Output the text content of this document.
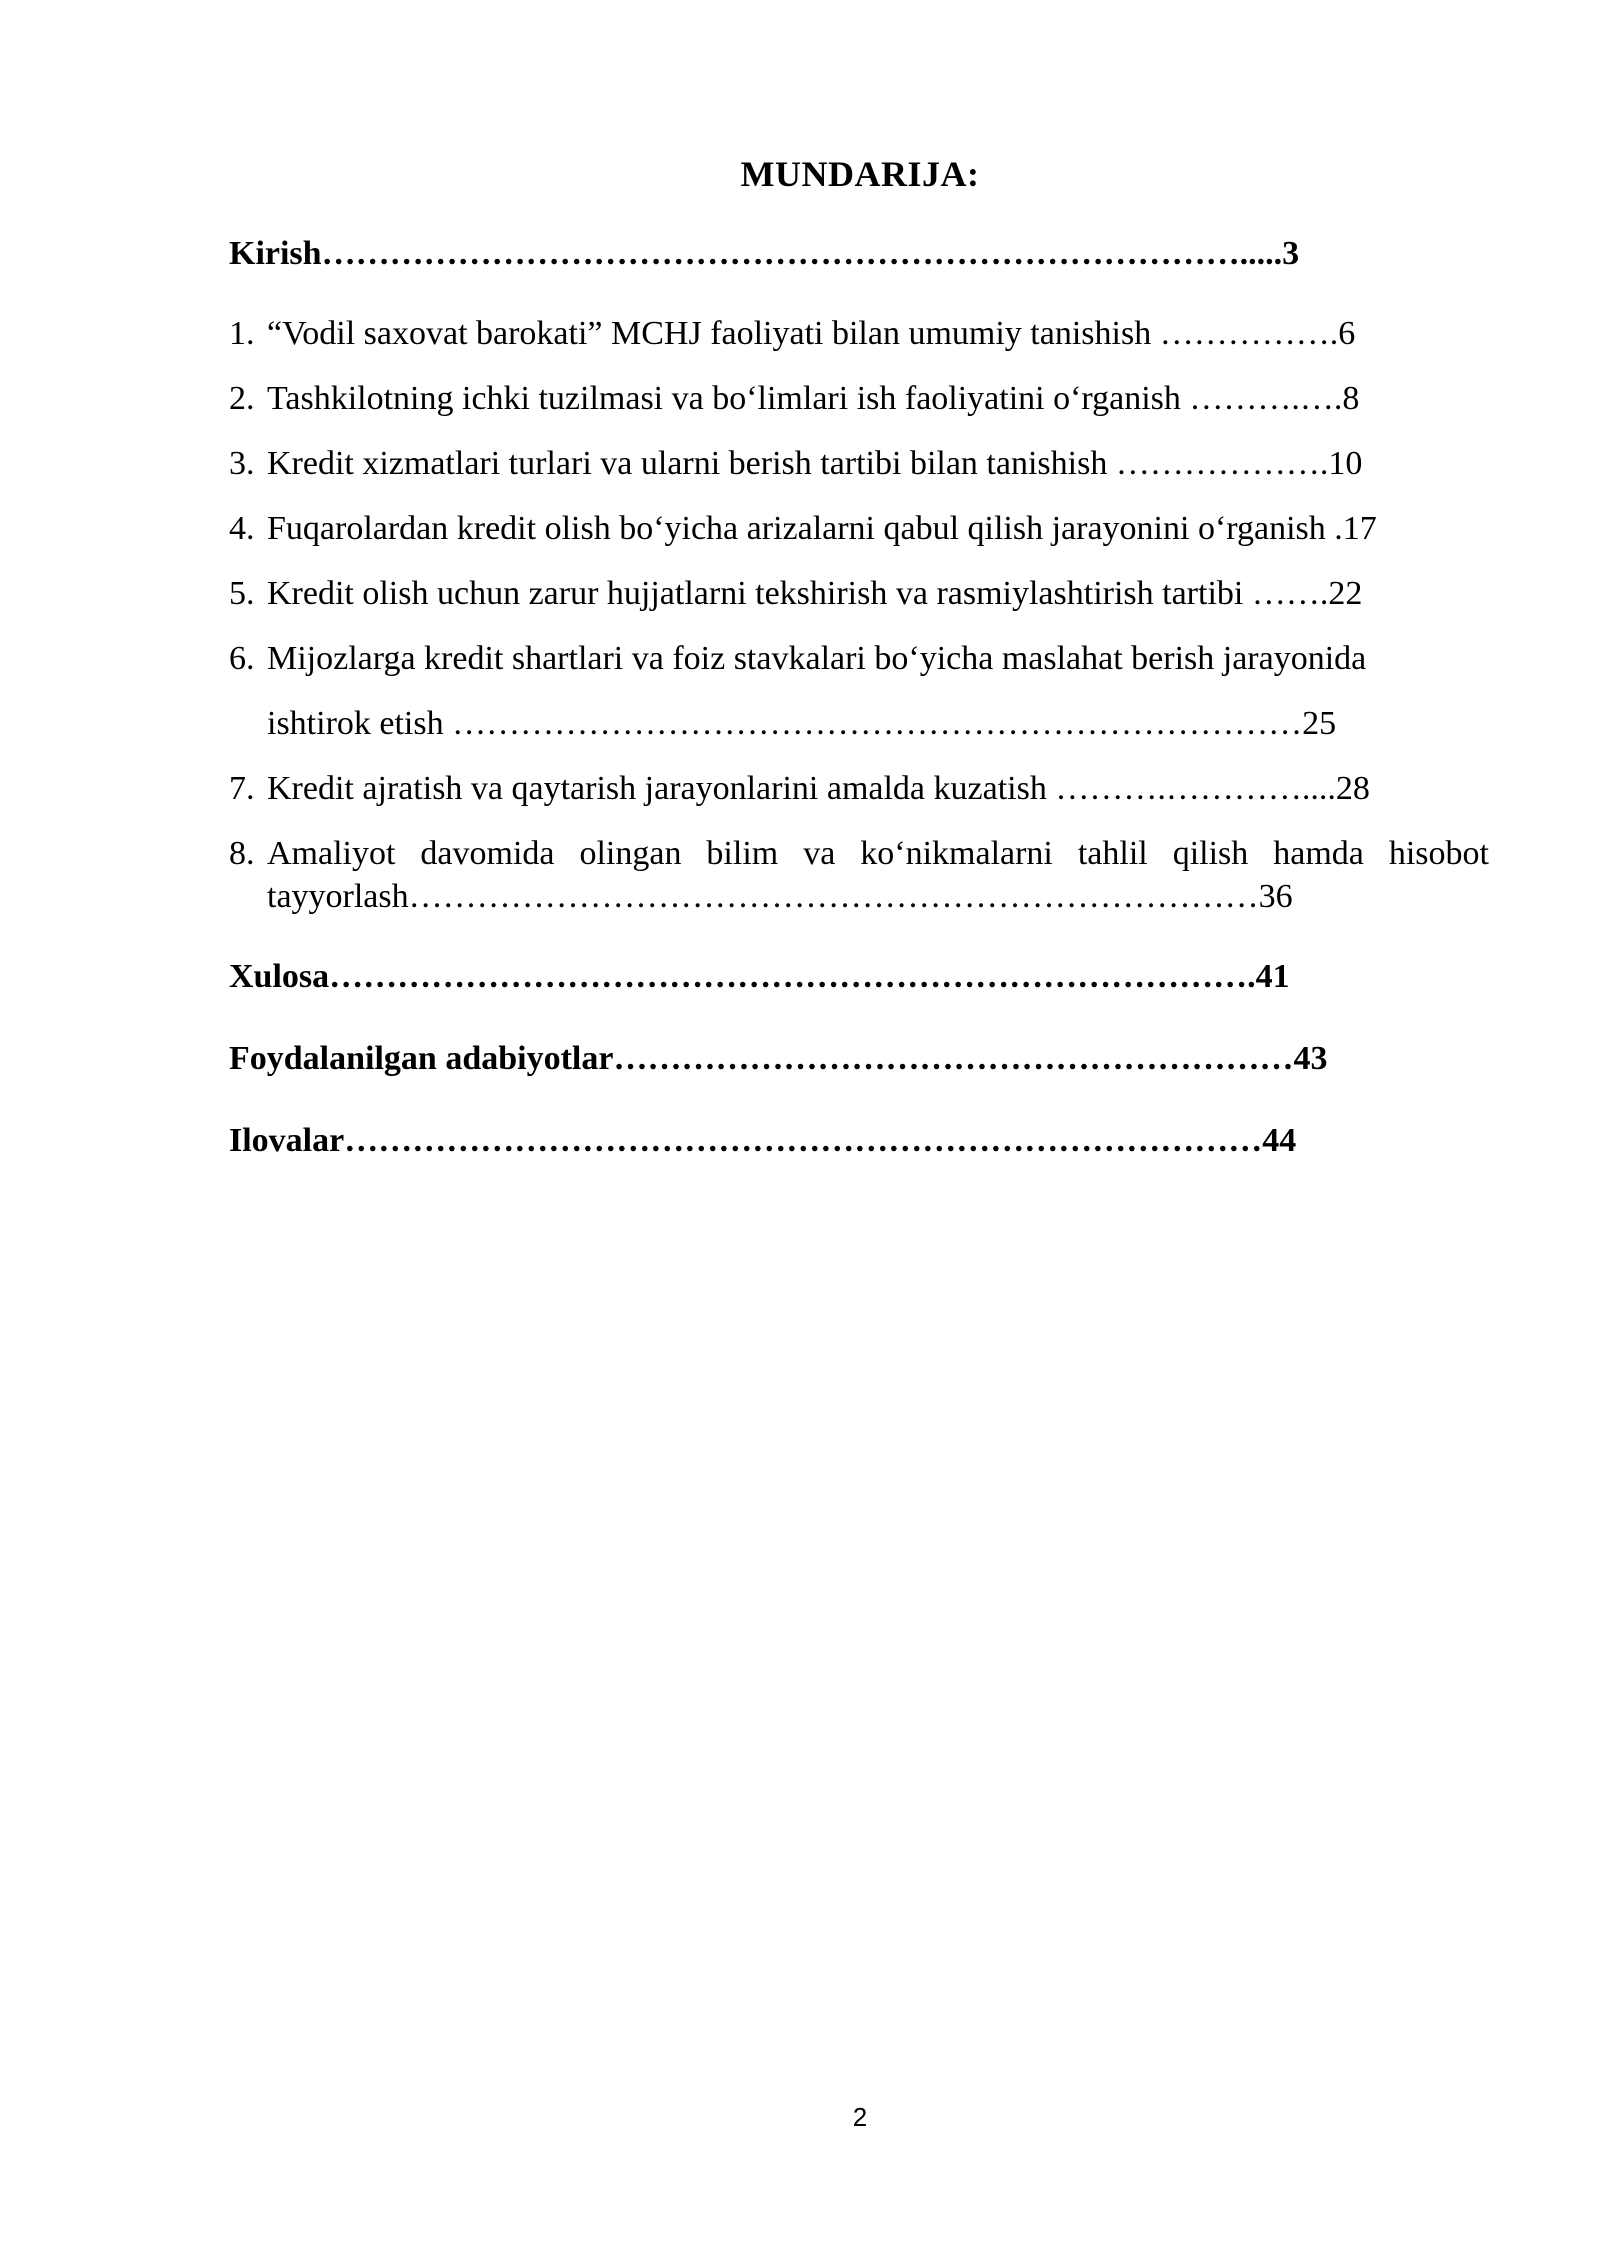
MUNDARIJA:
Kirish……………………………………………………………………….....3
1. “Vodil saxovat barokati” MCHJ faoliyati bilan umumiy tanishish …………….6
2. Tashkilotning ichki tuzilmasi va bo‘limlari ish faoliyatini o‘rganish ……….….8
3. Kredit xizmatlari turlari va ularni berish tartibi bilan tanishish ……………….10
4. Fuqarolardan kredit olish bo‘yicha arizalarni qabul qilish jarayonini o‘rganish .17
5. Kredit olish uchun zarur hujjatlarni tekshirish va rasmiylashtirish tartibi …….22
6. Mijozlarga kredit shartlari va foiz stavkalari bo‘yicha maslahat berish jarayonida
ishtirok etish …………………………………………………………………25
7. Kredit ajratish va qaytarish jarayonlarini amalda kuzatish ……….…………....28
8. Amaliyot davomida olingan bilim va ko‘nikmalarni tahlil qilish hamda hisobot
tayyorlash…………………………………………………………………36
Xulosa……………………………………………………………………….41
Foydalanilgan adabiyotlar……………………………………………………43
Ilovalar………………………………………………………………………44
2
